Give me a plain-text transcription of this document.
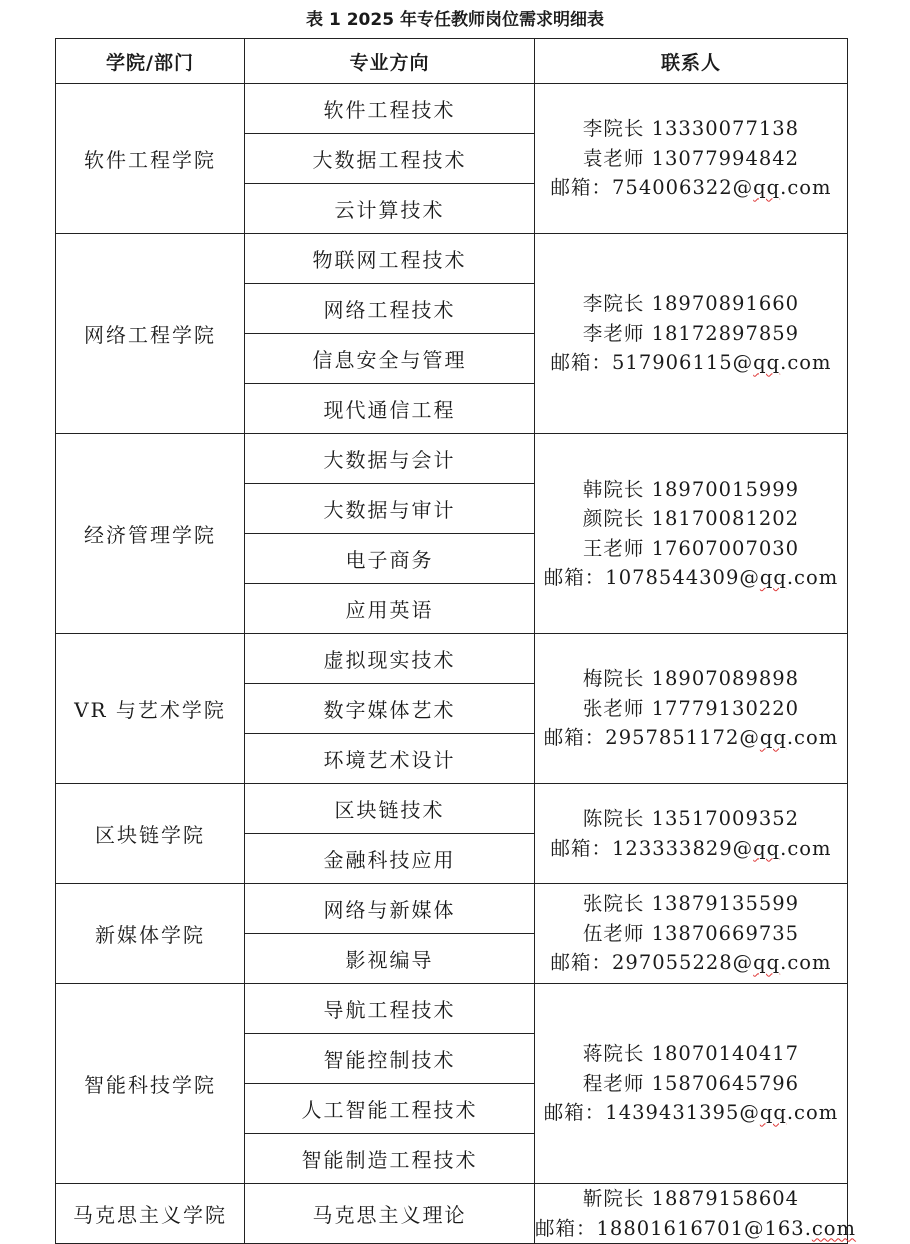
表 1 2025 年专任教师岗位需求明细表
学院/部门	专业方向	联系人
软件工程学院	软件工程技术	李院长 13330077138
袁老师 13077994842
邮箱：754006322@qq.com

	大数据工程技术	
	云计算技术	
网络工程学院	物联网工程技术	李院长 18970891660
李老师 18172897859
邮箱：517906115@qq.com

	网络工程技术	
	信息安全与管理	
	现代通信工程	
经济管理学院	大数据与会计	韩院长 18970015999
颜院长 18170081202
王老师 17607007030
邮箱：1078544309@qq.com

	大数据与审计	
	电子商务	
	应用英语	
VR 与艺术学院	虚拟现实技术	梅院长 18907089898
张老师 17779130220
邮箱：2957851172@qq.com

	数字媒体艺术	
	环境艺术设计	
区块链学院	区块链技术	陈院长 13517009352
邮箱：123333829@qq.com

	金融科技应用	
新媒体学院	网络与新媒体	张院长 13879135599
伍老师 13870669735
邮箱：297055228@qq.com

	影视编导	
智能科技学院	导航工程技术	蒋院长 18070140417
程老师 15870645796
邮箱：1439431395@qq.com

	智能控制技术	
	人工智能工程技术	
	智能制造工程技术	
马克思主义学院	马克思主义理论	靳院长 18879158604
邮箱：18801616701@163.com
